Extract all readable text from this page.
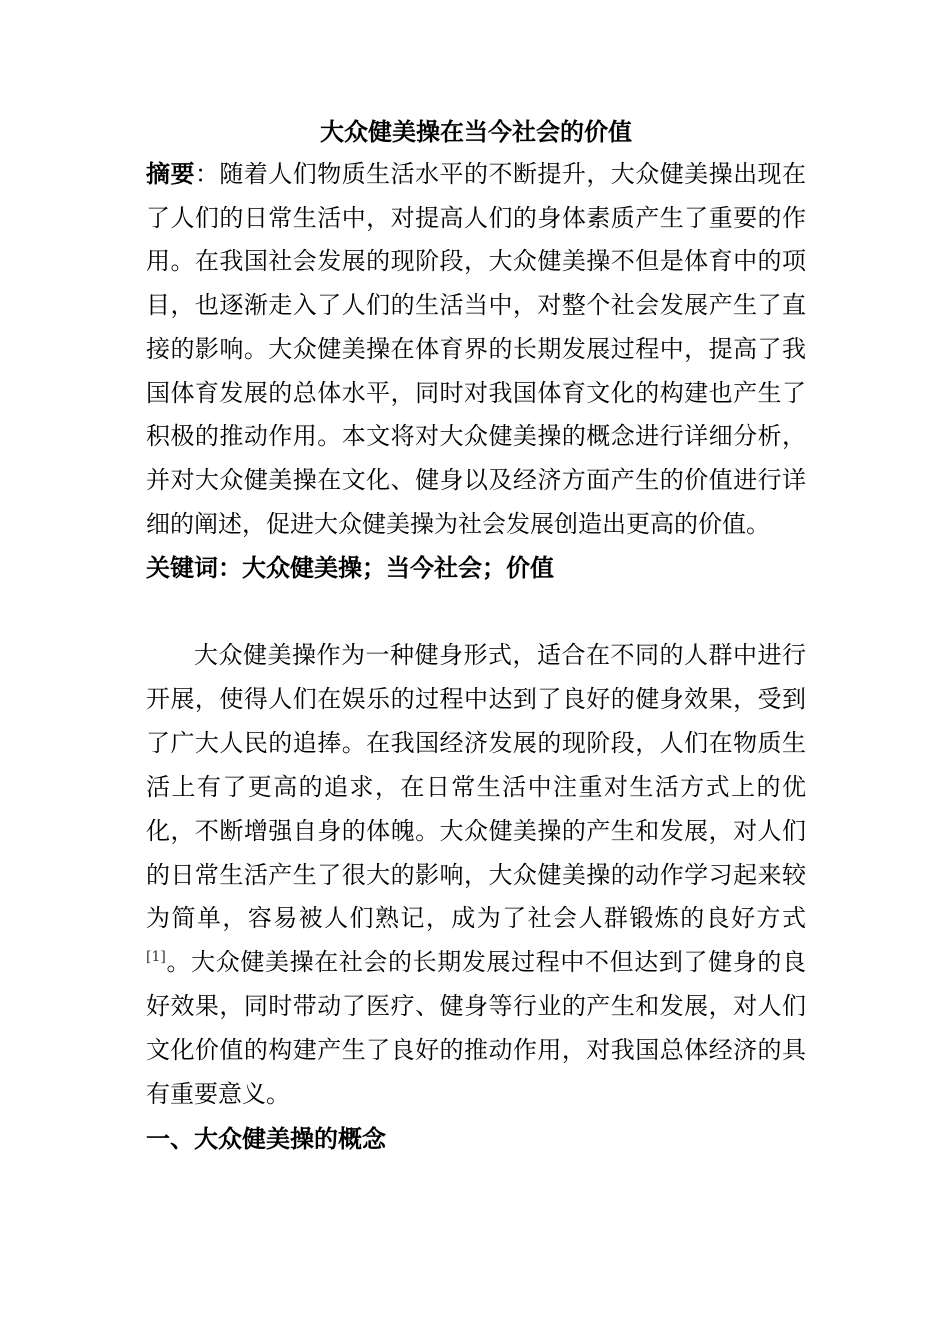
大众健美操在当今社会的价值

摘要：随着人们物质生活水平的不断提升，大众健美操出现在了人们的日常生活中，对提高人们的身体素质产生了重要的作用。在我国社会发展的现阶段，大众健美操不但是体育中的项目，也逐渐走入了人们的生活当中，对整个社会发展产生了直接的影响。大众健美操在体育界的长期发展过程中，提高了我国体育发展的总体水平，同时对我国体育文化的构建也产生了积极的推动作用。本文将对大众健美操的概念进行详细分析，并对大众健美操在文化、健身以及经济方面产生的价值进行详细的阐述，促进大众健美操为社会发展创造出更高的价值。

关键词：大众健美操；当今社会；价值

大众健美操作为一种健身形式，适合在不同的人群中进行开展，使得人们在娱乐的过程中达到了良好的健身效果，受到了广大人民的追捧。在我国经济发展的现阶段，人们在物质生活上有了更高的追求，在日常生活中注重对生活方式上的优化，不断增强自身的体魄。大众健美操的产生和发展，对人们的日常生活产生了很大的影响，大众健美操的动作学习起来较为简单，容易被人们熟记，成为了社会人群锻炼的良好方式[1]。大众健美操在社会的长期发展过程中不但达到了健身的良好效果，同时带动了医疗、健身等行业的产生和发展，对人们文化价值的构建产生了良好的推动作用，对我国总体经济的具有重要意义。

一、大众健美操的概念
